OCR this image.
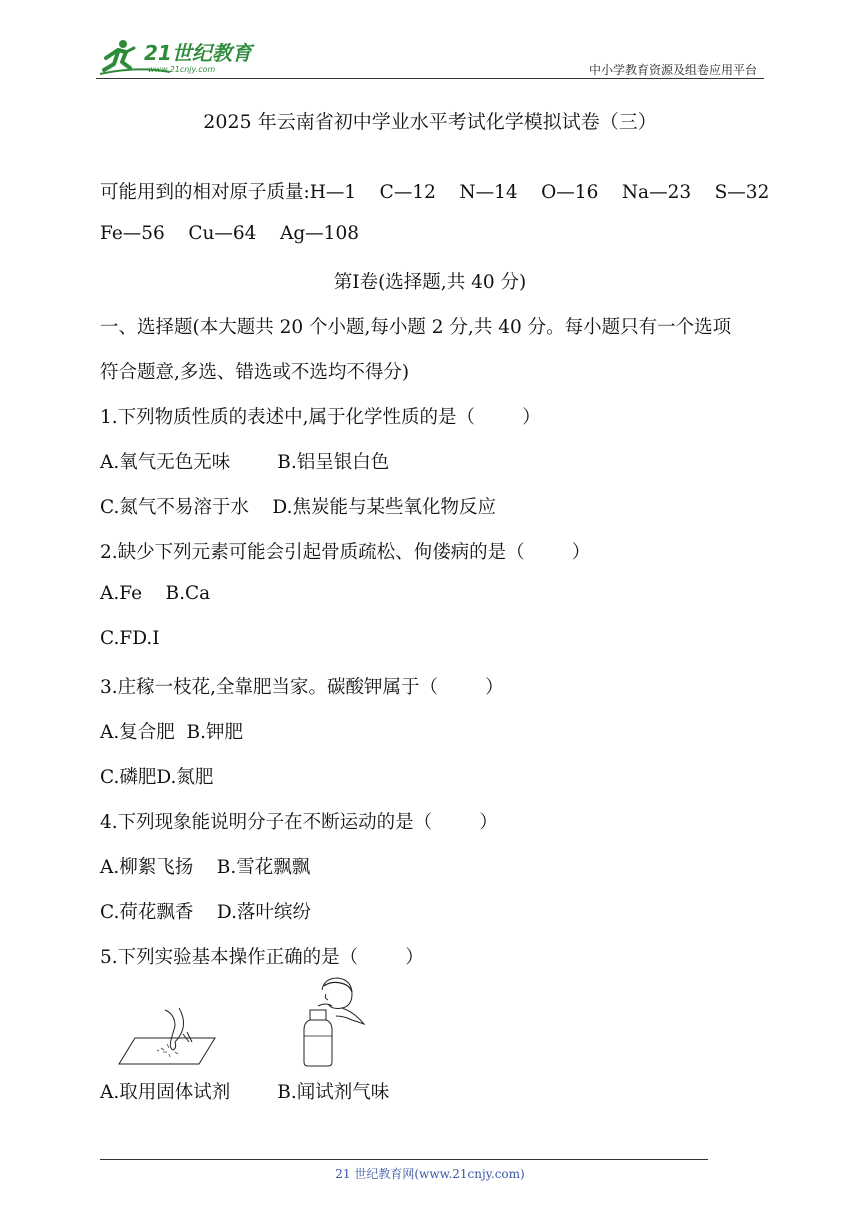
21世纪教育
www.21cnjy.com	中小学教育资源及组卷应用平台
2025 年云南省初中学业水平考试化学模拟试卷（三）
可能用到的相对原子质量:H—1    C—12    N—14    O—16    Na—23    S—32
Fe—56    Cu—64    Ag—108
第Ⅰ卷(选择题,共 40 分)
一、选择题(本大题共 20 个小题,每小题 2 分,共 40 分。每小题只有一个选项
符合题意,多选、错选或不选均不得分)
1.下列物质性质的表述中,属于化学性质的是（        ）
A.氧气无色无味        B.铝呈银白色
C.氮气不易溶于水    D.焦炭能与某些氧化物反应
2.缺少下列元素可能会引起骨质疏松、佝偻病的是（        ）
A.Fe    B.Ca
C.FD.I
3.庄稼一枝花,全靠肥当家。碳酸钾属于（        ）
A.复合肥  B.钾肥
C.磷肥D.氮肥
4.下列现象能说明分子在不断运动的是（        ）
A.柳絮飞扬    B.雪花飘飘
C.荷花飘香    D.落叶缤纷
5.下列实验基本操作正确的是（        ）
A.取用固体试剂        B.闻试剂气味
21 世纪教育网(www.21cnjy.com)
